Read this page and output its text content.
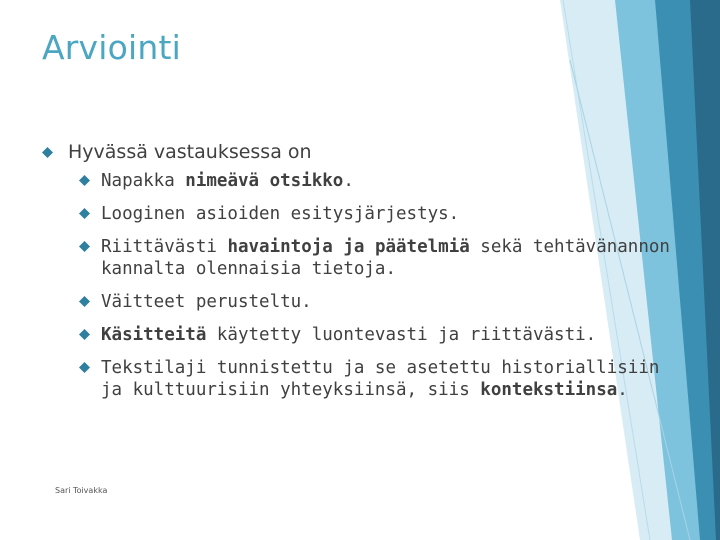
Arviointi
Hyvässä vastauksessa on
Napakka nimeävä otsikko.
Looginen asioiden esitysjärjestys.
Riittävästi havaintoja ja päätelmiä sekä tehtävänannon kannalta olennaisia tietoja.
Väitteet perusteltu.
Käsitteitä käytetty luontevasti ja riittävästi.
Tekstilaji tunnistettu ja se asetettu historiallisiin ja kulttuurisiin yhteyksiinsä, siis kontekstiinsa.
Sari Toivakka
